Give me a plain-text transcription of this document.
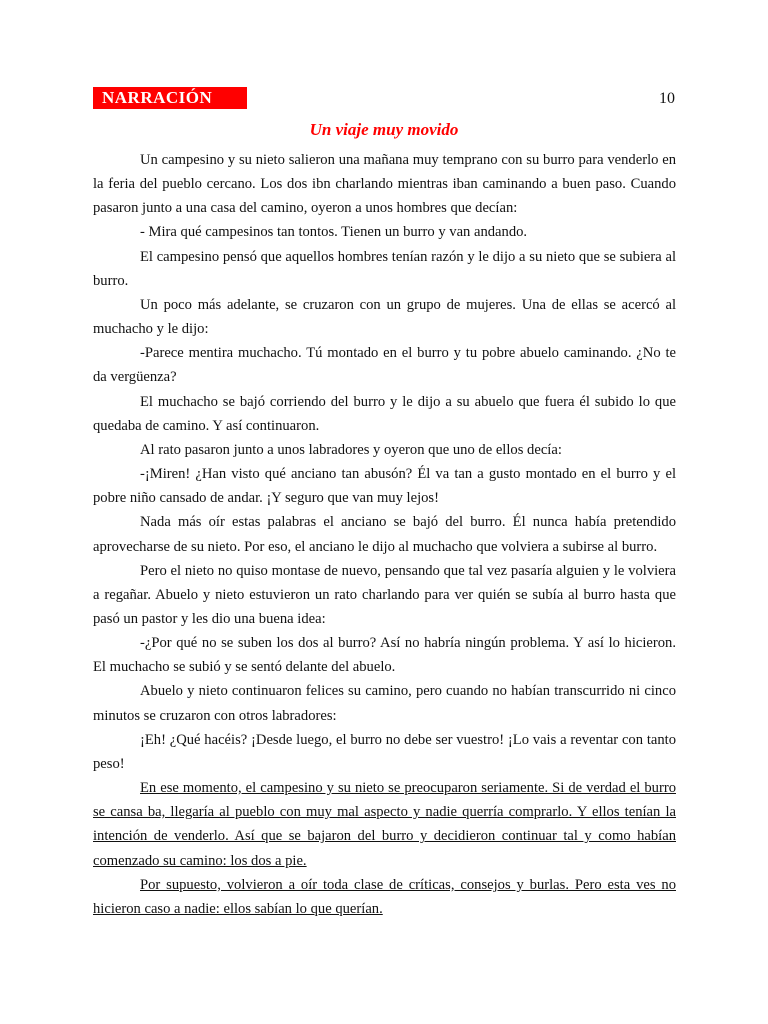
NARRACIÓN	10
Un viaje muy movido

Un campesino y su nieto salieron una mañana muy temprano con su burro para venderlo en la feria del pueblo cercano. Los dos ibn charlando mientras iban caminando a buen paso. Cuando pasaron junto a una casa del camino, oyeron a unos hombres que decían:

- Mira qué campesinos tan tontos. Tienen un burro y van andando.

El campesino pensó que aquellos hombres tenían razón y le dijo a su nieto que se subiera al burro.

Un poco más adelante, se cruzaron con un grupo de mujeres. Una de ellas se acercó al muchacho y le dijo:

-Parece mentira muchacho. Tú montado en el burro y tu pobre abuelo caminando. ¿No te da vergüenza?

El muchacho se bajó corriendo del burro y le dijo a su abuelo que fuera él subido lo que quedaba de camino. Y así continuaron.

Al rato pasaron junto a unos labradores y oyeron que uno de ellos decía:

-¡Miren! ¿Han visto qué anciano tan abusón? Él va tan a gusto montado en el burro y el pobre niño cansado de andar. ¡Y seguro que van muy lejos!

Nada más oír estas palabras el anciano se bajó del burro. Él nunca había pretendido aprovecharse de su nieto. Por eso, el anciano le dijo al muchacho que volviera a subirse al burro.

Pero el nieto no quiso montase de nuevo, pensando que tal vez pasaría alguien y le volviera a regañar. Abuelo y nieto estuvieron un rato charlando para ver quién se subía al burro hasta que pasó un pastor y les dio una buena idea:

-¿Por qué no se suben los dos al burro? Así no habría ningún problema. Y así lo hicieron. El muchacho se subió y se sentó delante del abuelo.

Abuelo y nieto continuaron felices su camino, pero cuando no habían transcurrido ni cinco minutos se cruzaron con otros labradores:

¡Eh! ¿Qué hacéis? ¡Desde luego, el burro no debe ser vuestro! ¡Lo vais a reventar con tanto peso!

En ese momento, el campesino y su nieto se preocuparon seriamente. Si de verdad el burro se cansa ba, llegaría al pueblo con muy mal aspecto y nadie querría comprarlo. Y ellos tenían la intención de venderlo. Así que se bajaron del burro y decidieron continuar tal y como habían comenzado su camino: los dos a pie.

Por supuesto, volvieron a oír toda clase de críticas, consejos y burlas. Pero esta ves no hicieron caso a nadie: ellos sabían lo que querían.
